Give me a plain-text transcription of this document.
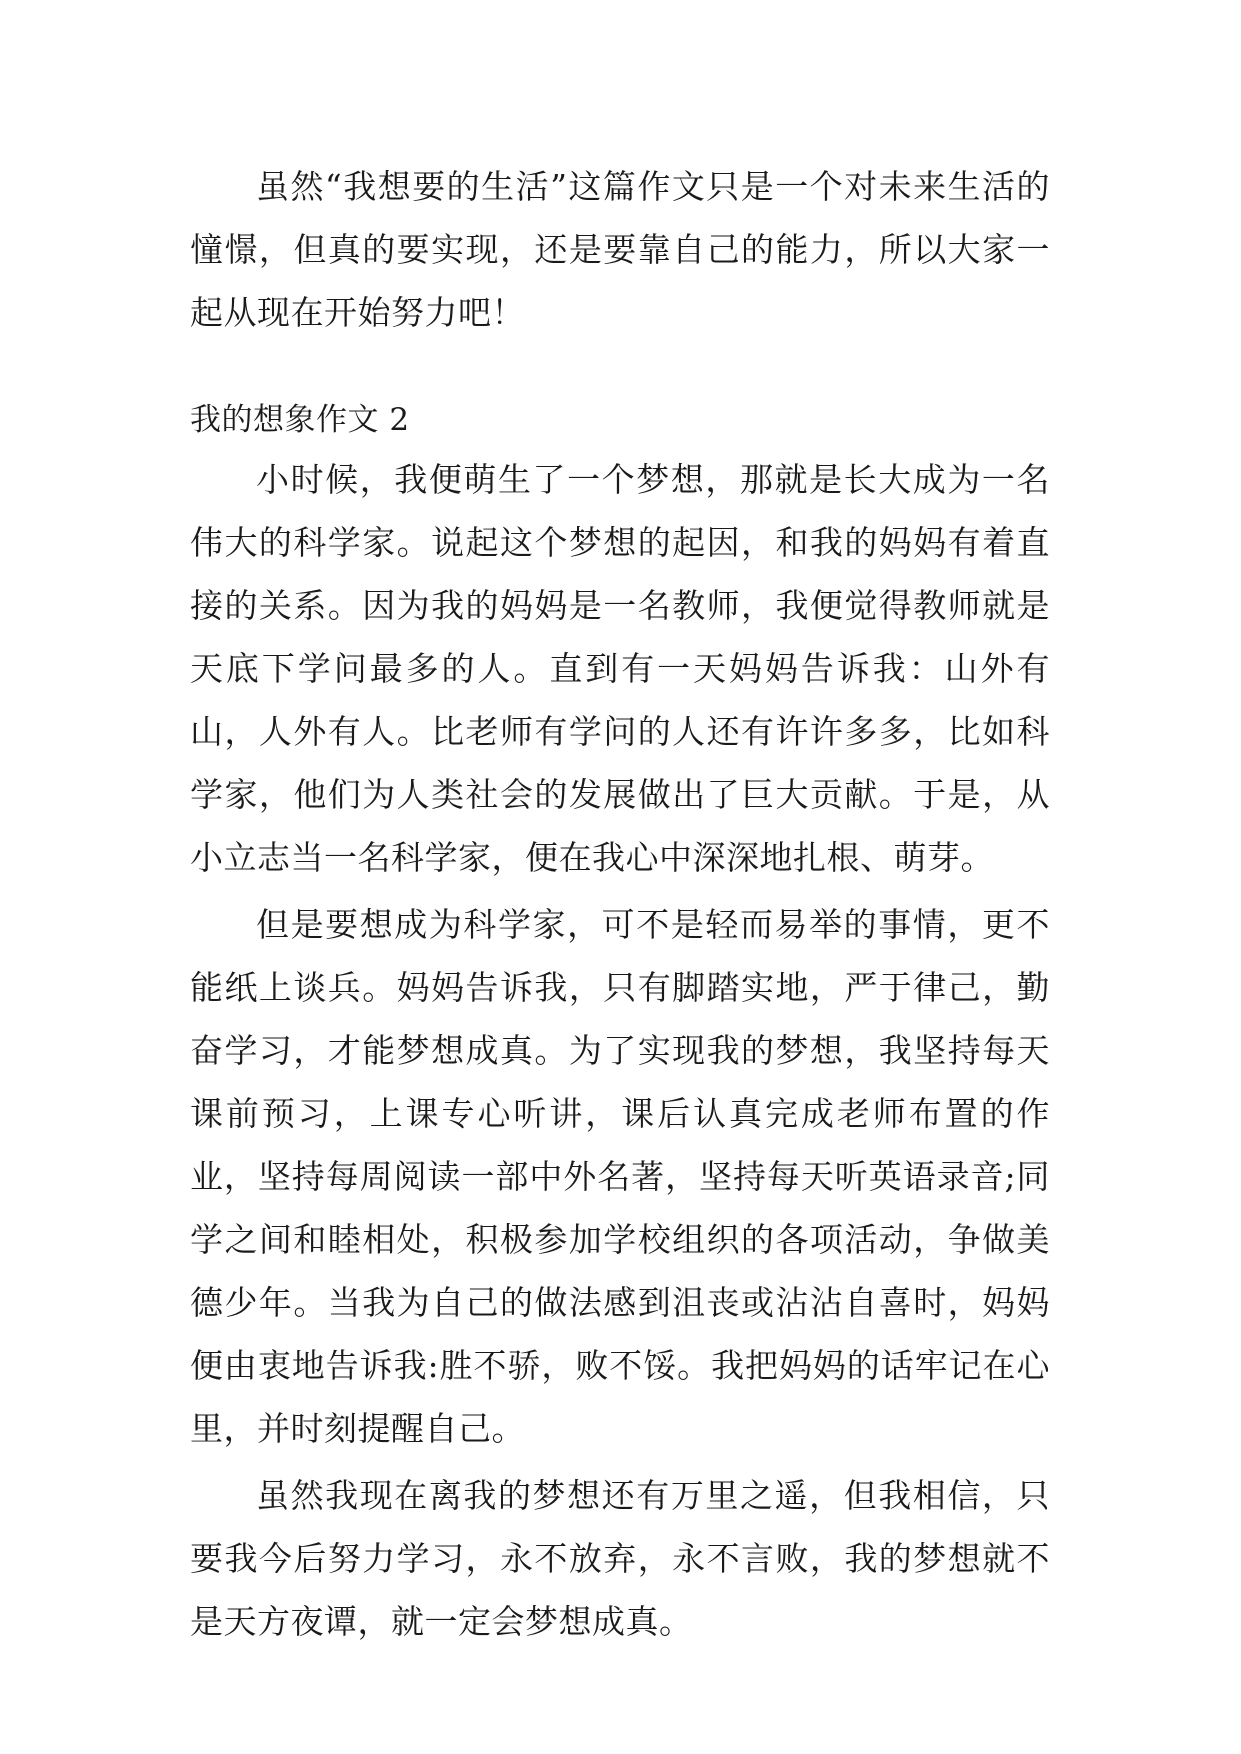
虽然“我想要的生活”这篇作文只是一个对未来生活的憧憬，但真的要实现，还是要靠自己的能力，所以大家一起从现在开始努力吧！

我的想象作文 2

小时候，我便萌生了一个梦想，那就是长大成为一名伟大的科学家。说起这个梦想的起因，和我的妈妈有着直接的关系。因为我的妈妈是一名教师，我便觉得教师就是天底下学问最多的人。直到有一天妈妈告诉我：山外有山，人外有人。比老师有学问的人还有许许多多，比如科学家，他们为人类社会的发展做出了巨大贡献。于是，从小立志当一名科学家，便在我心中深深地扎根、萌芽。

但是要想成为科学家，可不是轻而易举的事情，更不能纸上谈兵。妈妈告诉我，只有脚踏实地，严于律己，勤奋学习，才能梦想成真。为了实现我的梦想，我坚持每天课前预习，上课专心听讲，课后认真完成老师布置的作业，坚持每周阅读一部中外名著，坚持每天听英语录音;同学之间和睦相处，积极参加学校组织的各项活动，争做美德少年。当我为自己的做法感到沮丧或沾沾自喜时，妈妈便由衷地告诉我:胜不骄，败不馁。我把妈妈的话牢记在心里，并时刻提醒自己。

虽然我现在离我的梦想还有万里之遥，但我相信，只要我今后努力学习，永不放弃，永不言败，我的梦想就不是天方夜谭，就一定会梦想成真。
